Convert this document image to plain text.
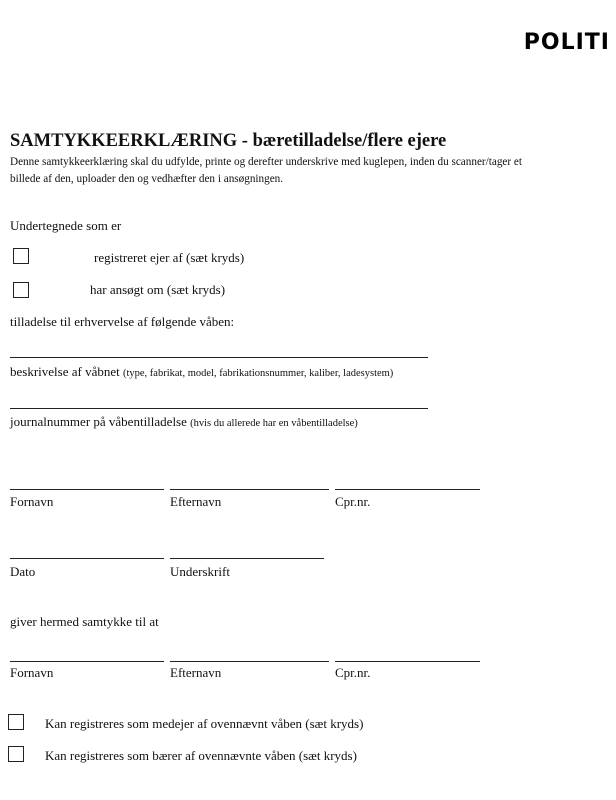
POLITI
SAMTYKKEERKLÆRING - bæretilladelse/flere ejere
Denne samtykkeerklæring skal du udfylde, printe og derefter underskrive med kuglepen, inden du scanner/tager et billede af den, uploader den og vedhæfter den i ansøgningen.
Undertegnede som er
registreret ejer af (sæt kryds)
har ansøgt om (sæt kryds)
tilladelse til erhvervelse af følgende våben:
beskrivelse af våbnet (type, fabrikat, model, fabrikationsnummer, kaliber, ladesystem)
journalnummer på våbentilladelse (hvis du allerede har en våbentilladelse)
Fornavn	Efternavn	Cpr.nr.
Dato	Underskrift
giver hermed samtykke til at
Fornavn	Efternavn	Cpr.nr.
Kan registreres som medejer af ovennævnt våben (sæt kryds)
Kan registreres som bærer af ovennævnte våben (sæt kryds)
